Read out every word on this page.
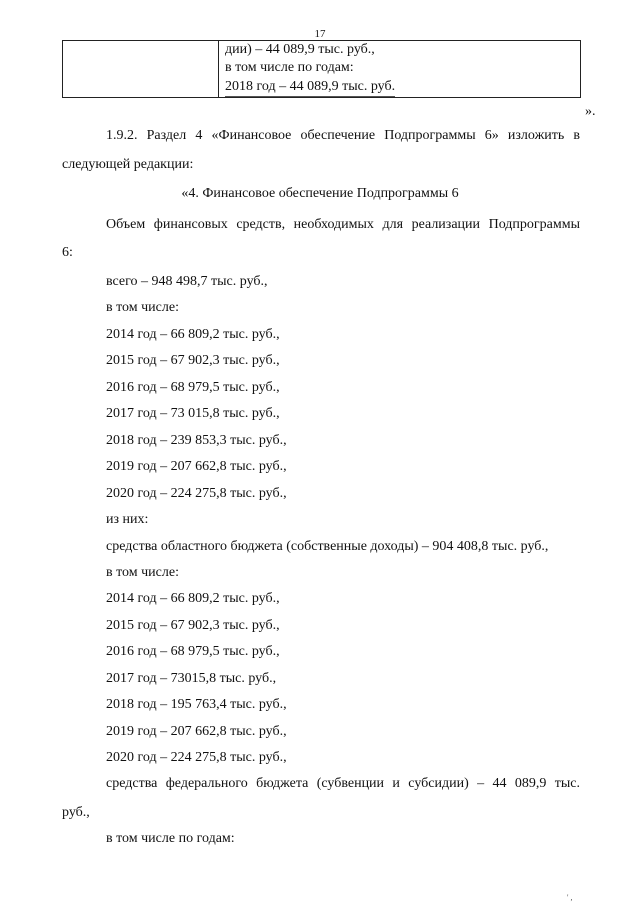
17

дии) – 44 089,9 тыс. руб.,
в том числе по годам:
2018 год – 44 089,9 тыс. руб.
».
1.9.2. Раздел 4 «Финансовое обеспечение Подпрограммы 6» изложить в
следующей редакции:
«4. Финансовое обеспечение Подпрограммы 6
Объем финансовых средств, необходимых для реализации Подпрограммы
6:
всего – 948 498,7 тыс. руб.,
в том числе:
2014 год – 66 809,2 тыс. руб.,
2015 год – 67 902,3 тыс. руб.,
2016 год – 68 979,5 тыс. руб.,
2017 год – 73 015,8 тыс. руб.,
2018 год – 239 853,3 тыс. руб.,
2019 год – 207 662,8 тыс. руб.,
2020 год – 224 275,8 тыс. руб.,
из них:
средства областного бюджета (собственные доходы) – 904 408,8 тыс. руб.,
в том числе:
2014 год – 66 809,2 тыс. руб.,
2015 год – 67 902,3 тыс. руб.,
2016 год – 68 979,5 тыс. руб.,
2017 год – 73015,8 тыс. руб.,
2018 год – 195 763,4 тыс. руб.,
2019 год – 207 662,8 тыс. руб.,
2020 год – 224 275,8 тыс. руб.,
средства федерального бюджета (субвенции и субсидии) – 44 089,9 тыс.
руб.,
в том числе по годам:
' ,
